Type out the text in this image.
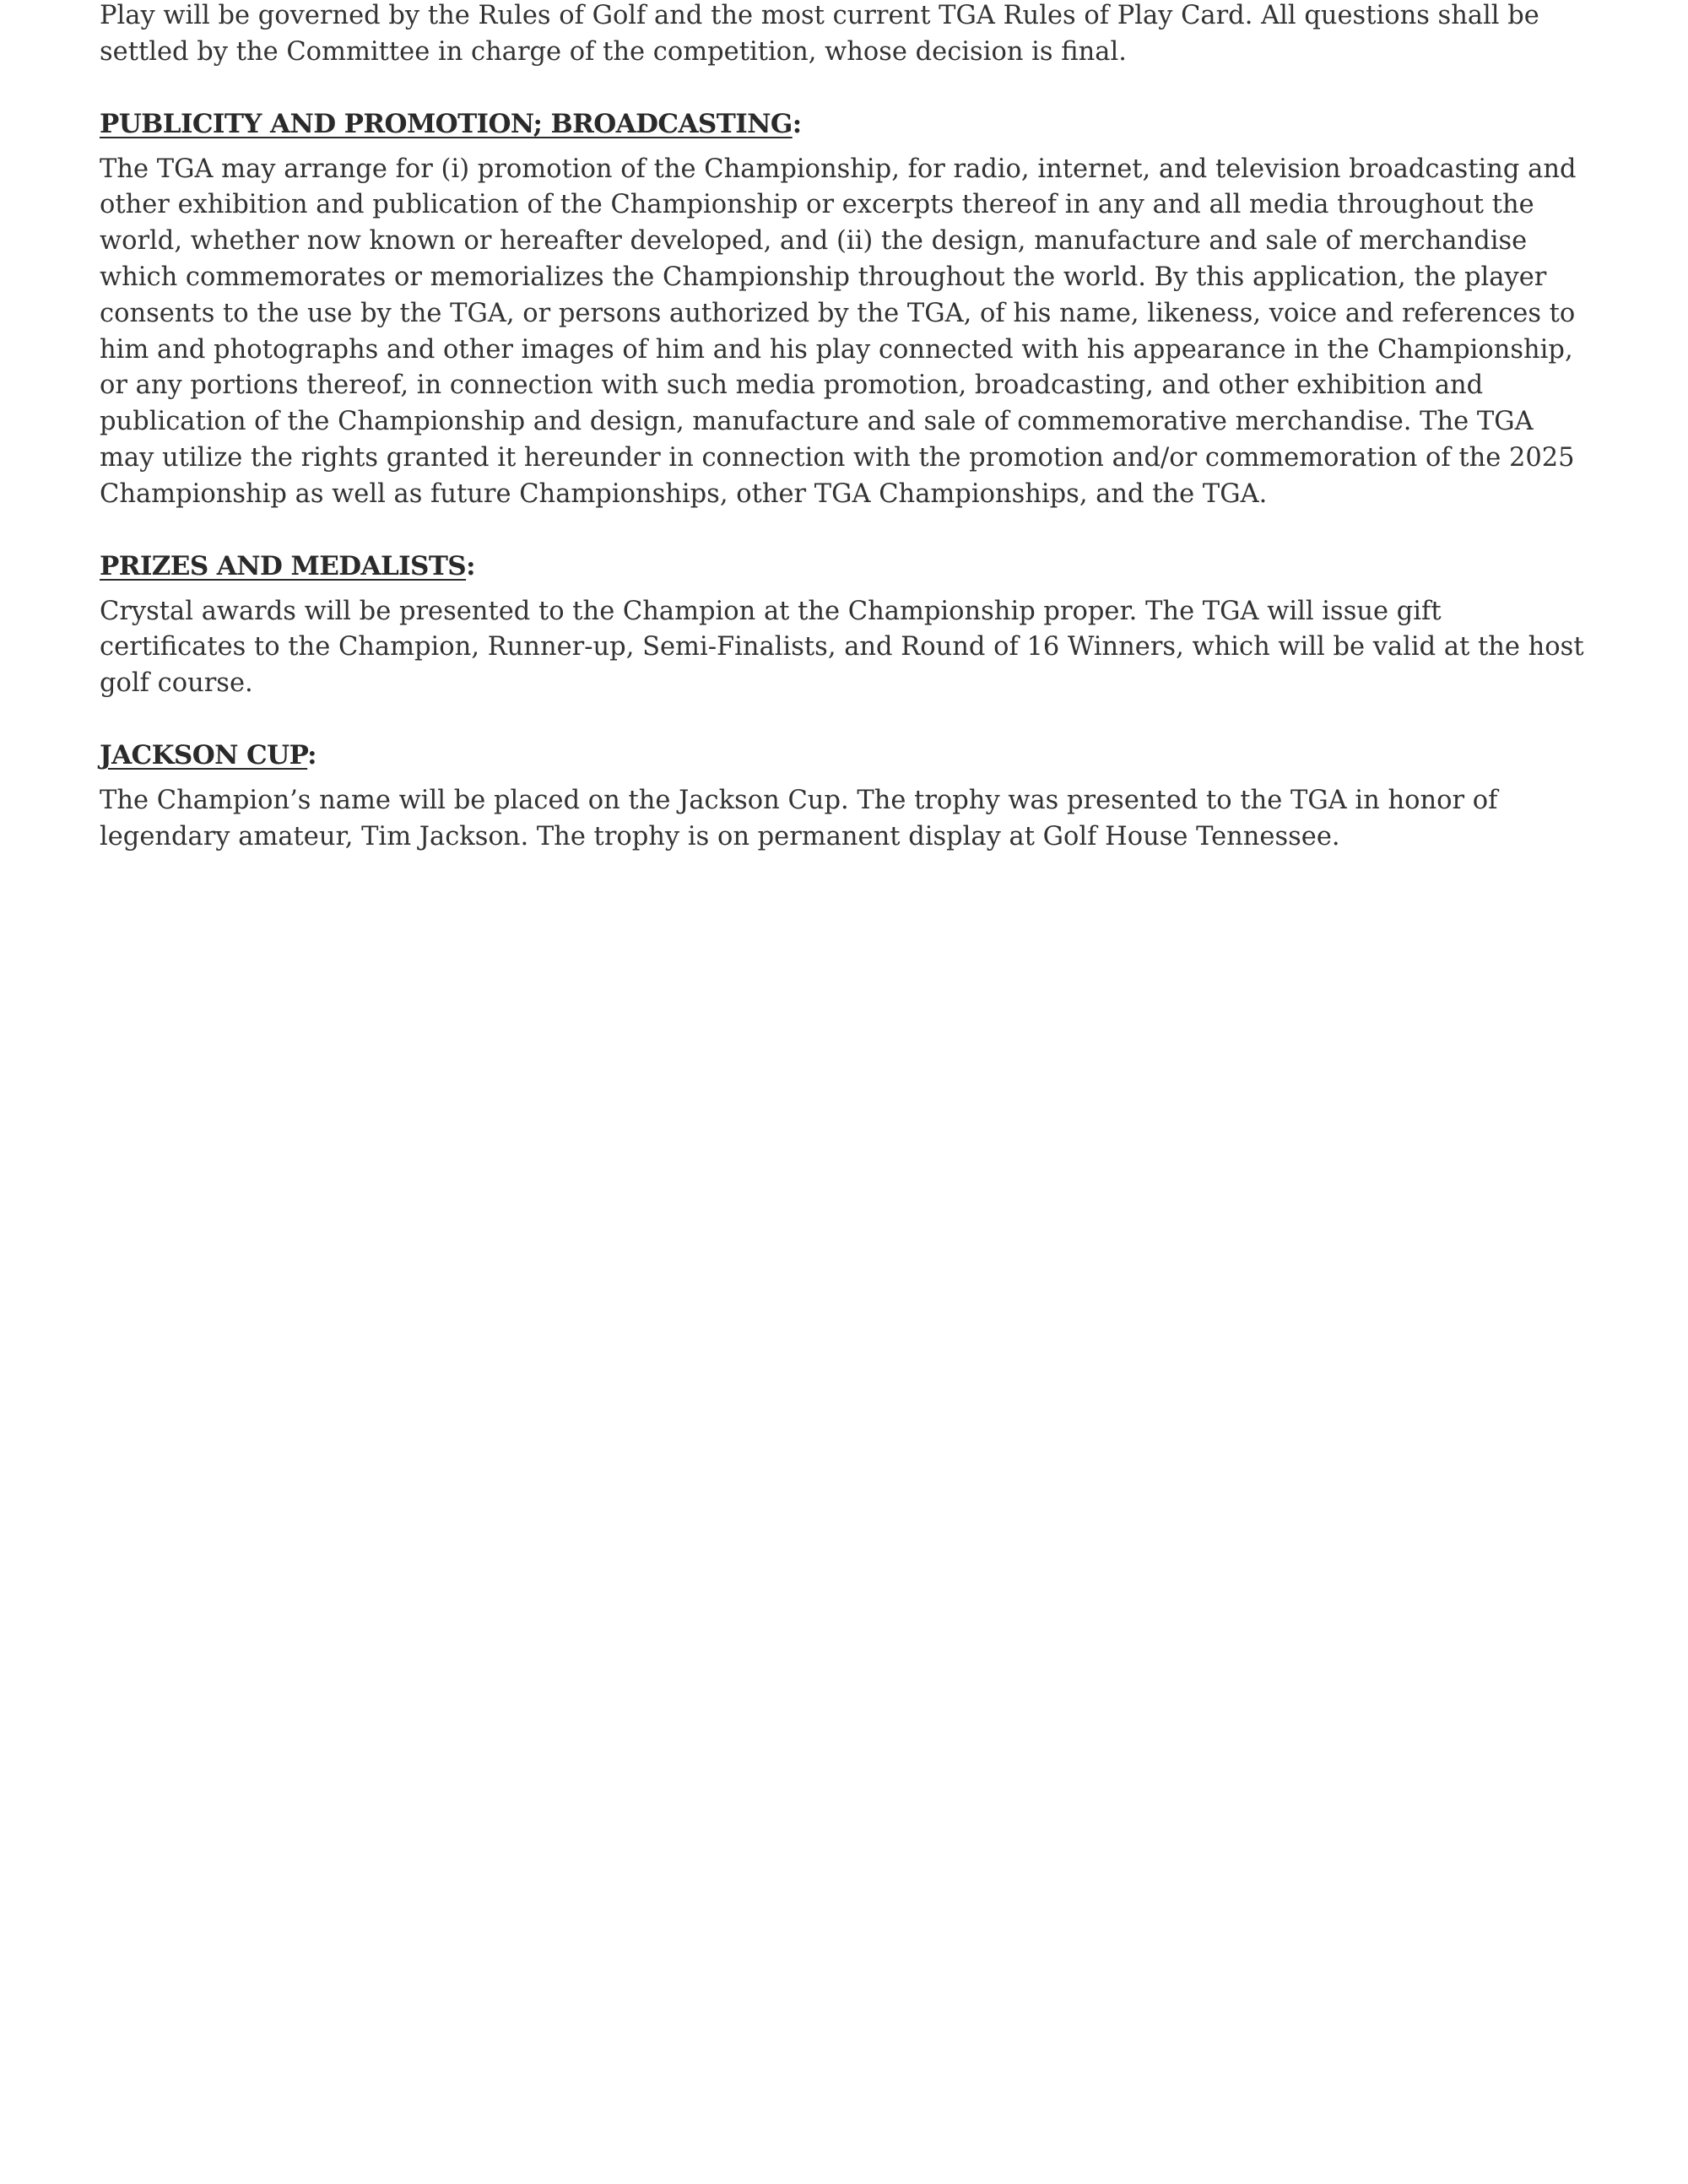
Play will be governed by the Rules of Golf and the most current TGA Rules of Play Card. All questions shall be settled by the Committee in charge of the competition, whose decision is final.

PUBLICITY AND PROMOTION; BROADCASTING:

The TGA may arrange for (i) promotion of the Championship, for radio, internet, and television broadcasting and other exhibition and publication of the Championship or excerpts thereof in any and all media throughout the world, whether now known or hereafter developed, and (ii) the design, manufacture and sale of merchandise which commemorates or memorializes the Championship throughout the world. By this application, the player consents to the use by the TGA, or persons authorized by the TGA, of his name, likeness, voice and references to him and photographs and other images of him and his play connected with his appearance in the Championship, or any portions thereof, in connection with such media promotion, broadcasting, and other exhibition and publication of the Championship and design, manufacture and sale of commemorative merchandise. The TGA may utilize the rights granted it hereunder in connection with the promotion and/or commemoration of the 2025 Championship as well as future Championships, other TGA Championships, and the TGA.

PRIZES AND MEDALISTS:

Crystal awards will be presented to the Champion at the Championship proper. The TGA will issue gift certificates to the Champion, Runner-up, Semi-Finalists, and Round of 16 Winners, which will be valid at the host golf course.

JACKSON CUP:

The Champion’s name will be placed on the Jackson Cup. The trophy was presented to the TGA in honor of legendary amateur, Tim Jackson. The trophy is on permanent display at Golf House Tennessee.
